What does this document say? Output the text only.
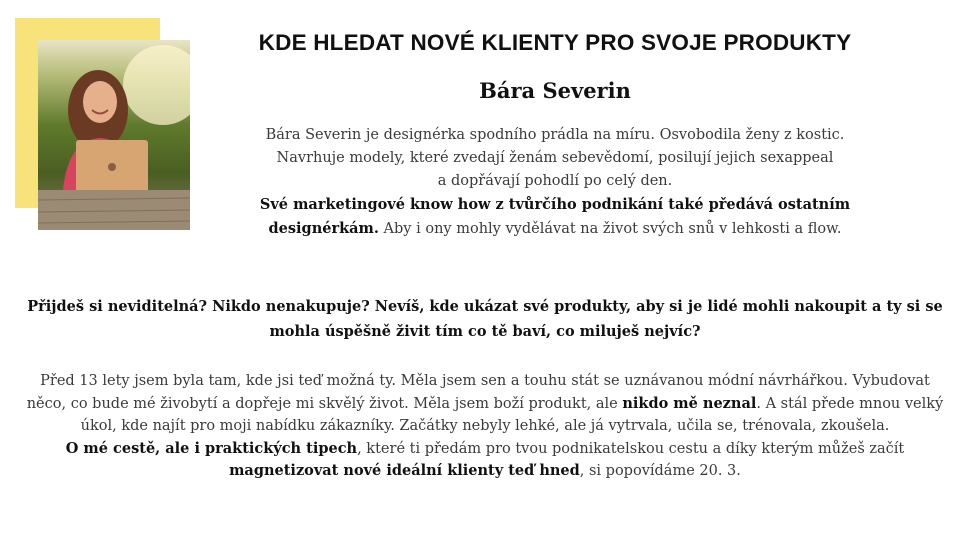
KDE HLEDAT NOVÉ KLIENTY PRO SVOJE PRODUKTY
Bára Severin

Bára Severin je designérka spodního prádla na míru. Osvobodila ženy z kostic.
Navrhuje modely, které zvedají ženám sebevědomí, posilují jejich sexappeal
a dopřávají pohodlí po celý den.
Své marketingové know how z tvůrčího podnikání také předává ostatním designérkám. Aby i ony mohly vydělávat na život svých snů v lehkosti a flow.

Přijdeš si neviditelná? Nikdo nenakupuje? Nevíš, kde ukázat své produkty, aby si je lidé mohli nakoupit a ty si se mohla úspěšně živit tím co tě baví, co miluješ nejvíc?

Před 13 lety jsem byla tam, kde jsi teď možná ty. Měla jsem sen a touhu stát se uznávanou módní návrhářkou. Vybudovat něco, co bude mé živobytí a dopřeje mi skvělý život. Měla jsem boží produkt, ale nikdo mě neznal. A stál přede mnou velký úkol, kde najít pro moji nabídku zákazníky. Začátky nebyly lehké, ale já vytrvala, učila se, trénovala, zkoušela.
O mé cestě, ale i praktických tipech, které ti předám pro tvou podnikatelskou cestu a díky kterým můžeš začít magnetizovat nové ideální klienty teď hned, si popovídáme 20. 3.
